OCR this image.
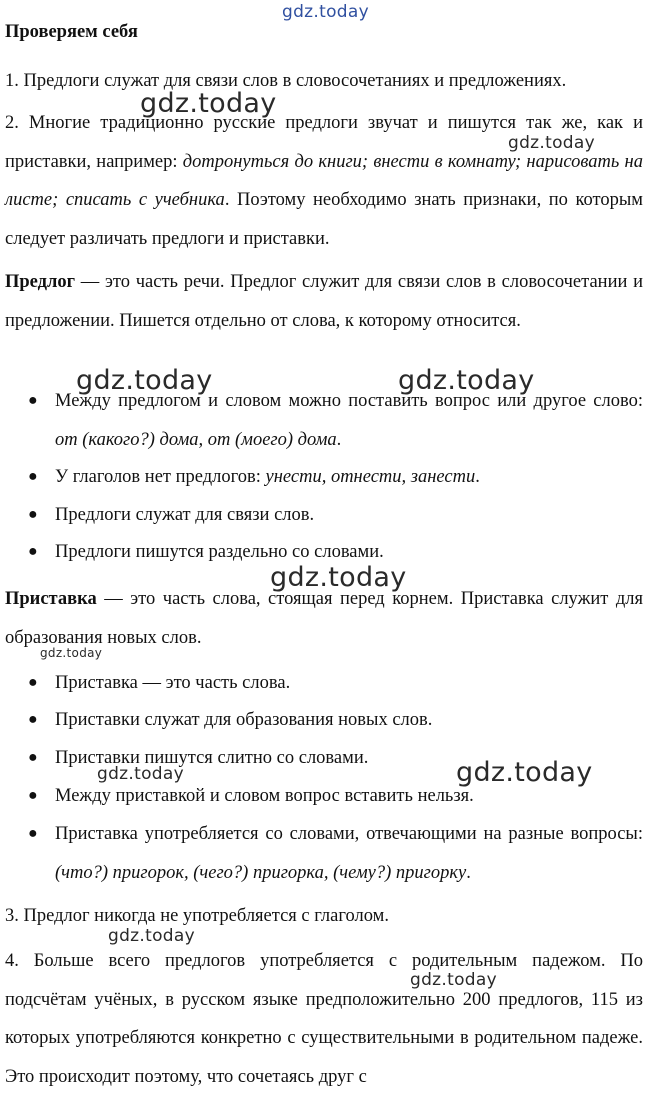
gdz.today
Проверяем себя
1. Предлоги служат для связи слов в словосочетаниях и предложениях.
2. Многие традиционно русские предлоги звучат и пишутся так же, как и приставки, например: дотронуться до книги; внести в комнату; нарисовать на листе; списать с учебника. Поэтому необходимо знать признаки, по которым следует различать предлоги и приставки.
Предлог — это часть речи. Предлог служит для связи слов в словосочетании и предложении. Пишется отдельно от слова, к которому относится.
● Между предлогом и словом можно поставить вопрос или другое слово: от (какого?) дома, от (моего) дома.
● У глаголов нет предлогов: унести, отнести, занести.
● Предлоги служат для связи слов.
● Предлоги пишутся раздельно со словами.
Приставка — это часть слова, стоящая перед корнем. Приставка служит для образования новых слов.
● Приставка — это часть слова.
● Приставки служат для образования новых слов.
● Приставки пишутся слитно со словами.
● Между приставкой и словом вопрос вставить нельзя.
● Приставка употребляется со словами, отвечающими на разные вопросы: (что?) пригорок, (чего?) пригорка, (чему?) пригорку.
3. Предлог никогда не употребляется с глаголом.
4. Больше всего предлогов употребляется с родительным падежом. По подсчётам учёных, в русском языке предположительно 200 предлогов, 115 из которых употребляются конкретно с существительными в родительном падеже. Это происходит поэтому, что сочетаясь друг с
gdz.today
gdz.today
gdz.today	gdz.today
gdz.today
gdz.today
gdz.today	gdz.today
gdz.today
gdz.today
